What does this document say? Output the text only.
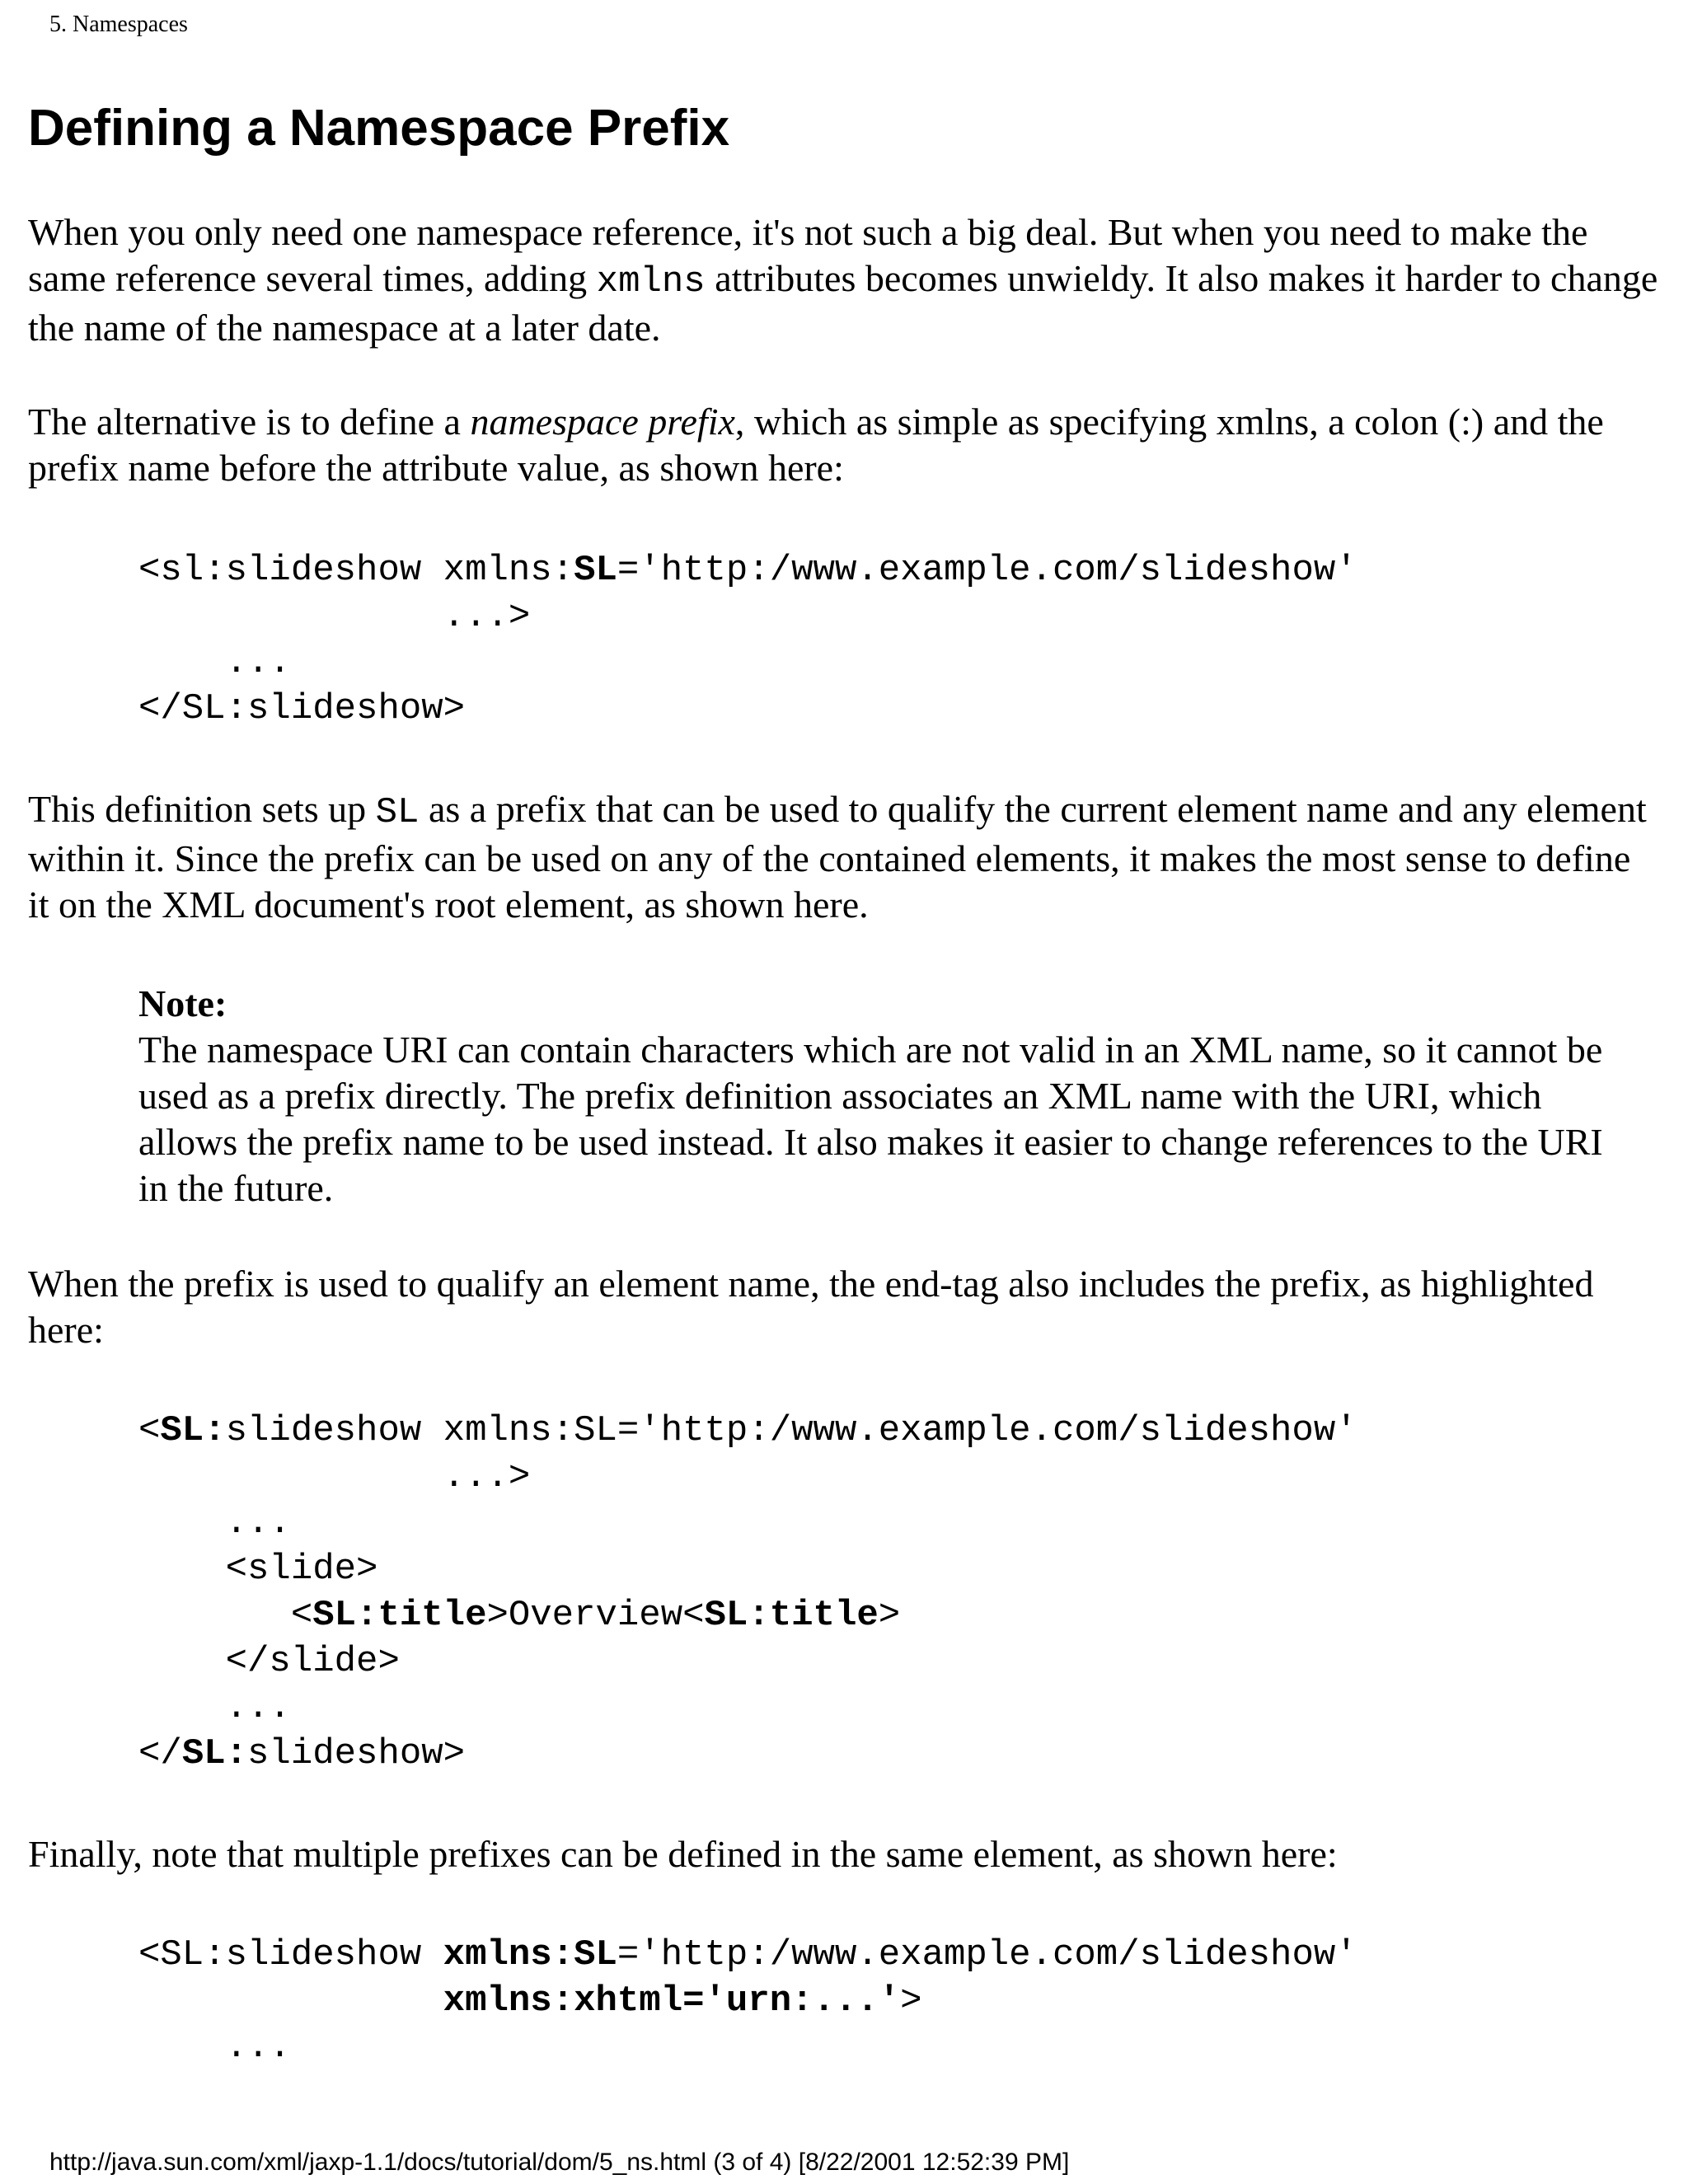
5. Namespaces
Defining a Namespace Prefix

When you only need one namespace reference, it's not such a big deal. But when you need to make the same reference several times, adding xmlns attributes becomes unwieldy. It also makes it harder to change the name of the namespace at a later date.

The alternative is to define a namespace prefix, which as simple as specifying xmlns, a colon (:) and the prefix name before the attribute value, as shown here:

<sl:slideshow xmlns:SL='http:/www.example.com/slideshow'
...>
...
</SL:slideshow>

This definition sets up SL as a prefix that can be used to qualify the current element name and any element within it. Since the prefix can be used on any of the contained elements, it makes the most sense to define it on the XML document's root element, as shown here.

Note:
The namespace URI can contain characters which are not valid in an XML name, so it cannot be used as a prefix directly. The prefix definition associates an XML name with the URI, which allows the prefix name to be used instead. It also makes it easier to change references to the URI in the future.

When the prefix is used to qualify an element name, the end-tag also includes the prefix, as highlighted here:

<SL:slideshow xmlns:SL='http:/www.example.com/slideshow'
...>
...
<slide>
<SL:title>Overview<SL:title>
</slide>
...
</SL:slideshow>

Finally, note that multiple prefixes can be defined in the same element, as shown here:

<SL:slideshow xmlns:SL='http:/www.example.com/slideshow'
xmlns:xhtml='urn:...'>
...
http://java.sun.com/xml/jaxp-1.1/docs/tutorial/dom/5_ns.html (3 of 4) [8/22/2001 12:52:39 PM]
